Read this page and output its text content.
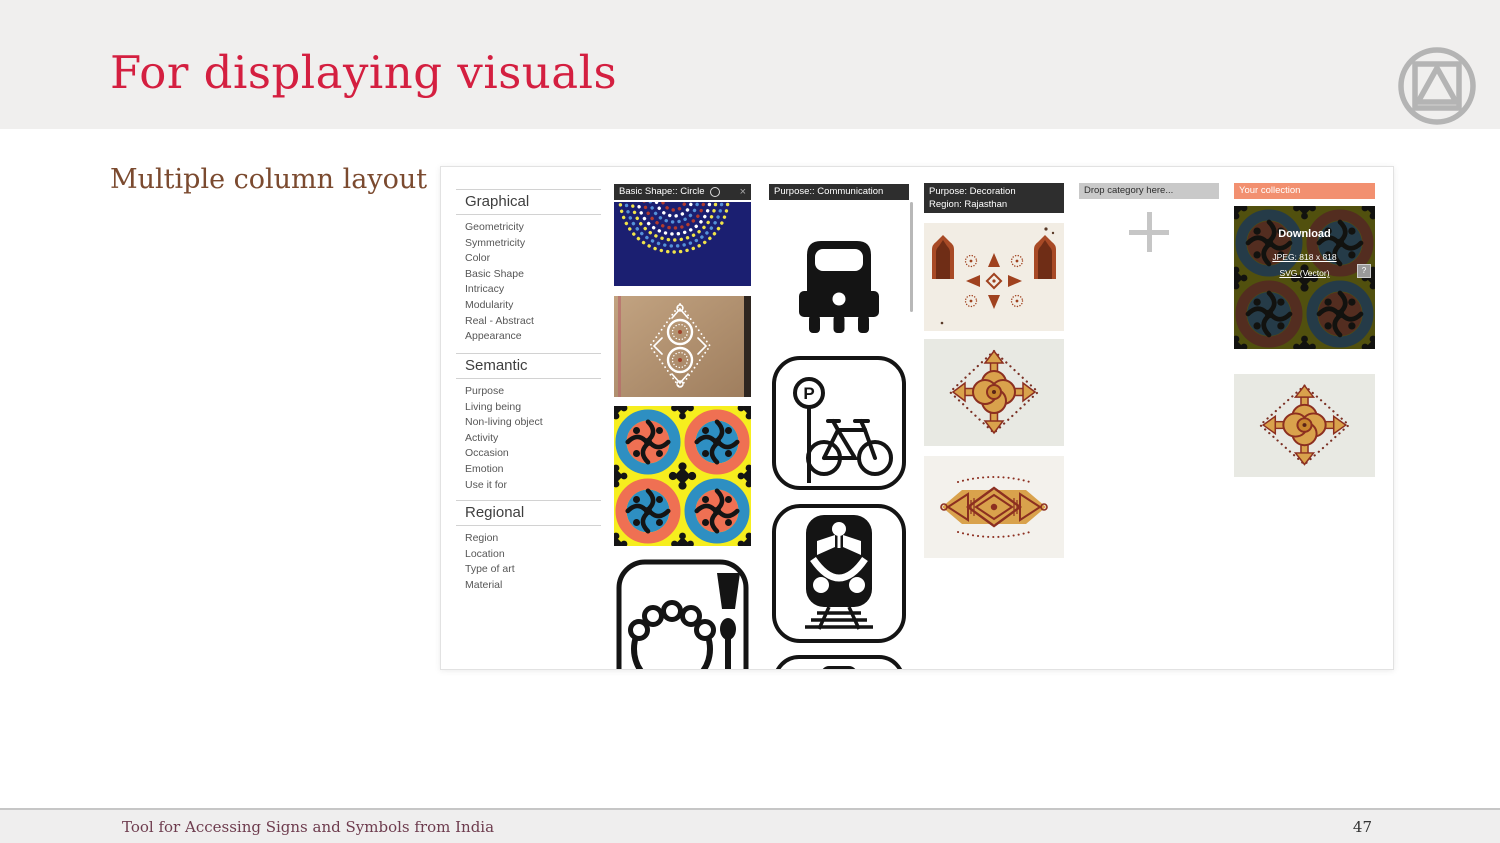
For displaying visuals
Multiple column layout
Graphical
Geometricity
Symmetricity
Color
Basic Shape
Intricacy
Modularity
Real - Abstract
Appearance
Semantic
Purpose
Living being
Non-living object
Activity
Occasion
Emotion
Use it for
Regional
Region
Location
Type of art
Material
Basic Shape:: Circle	×	Purpose:: Communication
P
Purpose: Decoration
Region: Rajasthan
Drop category here...	Your collection
Download
JPEG: 818 x 818
SVG (Vector)	?
Tool for Accessing Signs and Symbols from India	47
